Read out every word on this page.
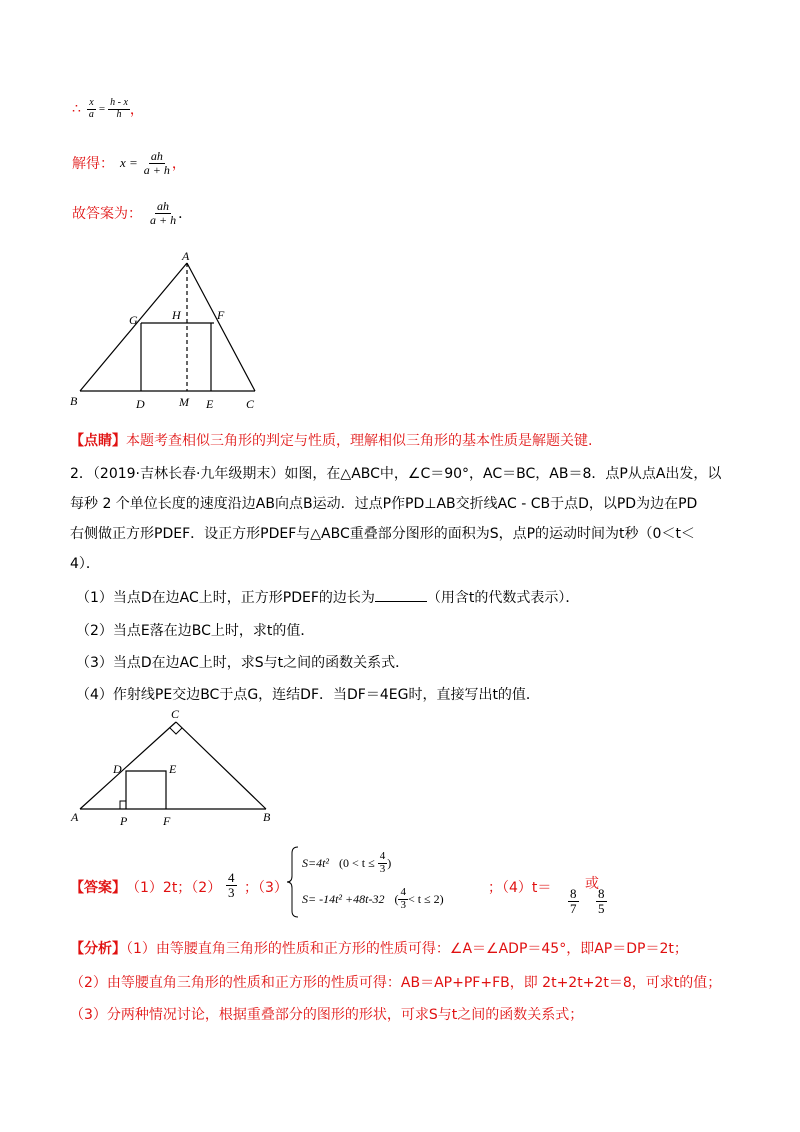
∴ $\frac{x}{a} = \frac{h - x}{h}$ ，
解得： $x = \frac{ah}{a + h}$ ，
故答案为： $\frac{ah}{a + h}$ ．
A
G	H	F
B	D	M E	C
【点睛】本题考查相似三角形的判定与性质，理解相似三角形的基本性质是解题关键.
2．（2019·吉林长春·九年级期末）如图，在△ABC中，∠C＝90°，AC＝BC，AB＝8．点P从点A出发，以
每秒 2 个单位长度的速度沿边AB向点B运动．过点P作PD⊥AB交折线AC - CB于点D，以PD为边在PD
右侧做正方形PDEF．设正方形PDEF与△ABC重叠部分图形的面积为S，点P的运动时间为t秒（0＜t＜
4）．
（1）当点D在边AC上时，正方形PDEF的边长为	（用含t的代数式表示）．
（2）当点E落在边BC上时，求t的值．
（3）当点D在边AC上时，求S与t之间的函数关系式．
（4）作射线PE交边BC于点G，连结DF．当DF＝4EG时，直接写出t的值．
C
D	E
A	P	F	B
【答案】 （1）2t；$(2) \frac{4}{3}$ ；（3）
S=4t² ($0 < t \le \frac{4}{3}$ )
S= -14t² +48t-32 ( $\frac{4}{3} < t \le 2$)
；$(4)t= \frac{8}{7}$
或
$\frac{8}{5}$
【分析】（1）由等腰直角三角形的性质和正方形的性质可得：∠A＝∠ADP＝45°，即AP＝DP＝2t；
（2）由等腰直角三角形的性质和正方形的性质可得：AB＝AP+PF+FB，即 2t+2t+2t＝8，可求t的值；
（3）分两种情况讨论，根据重叠部分的图形的形状，可求S与t之间的函数关系式；
